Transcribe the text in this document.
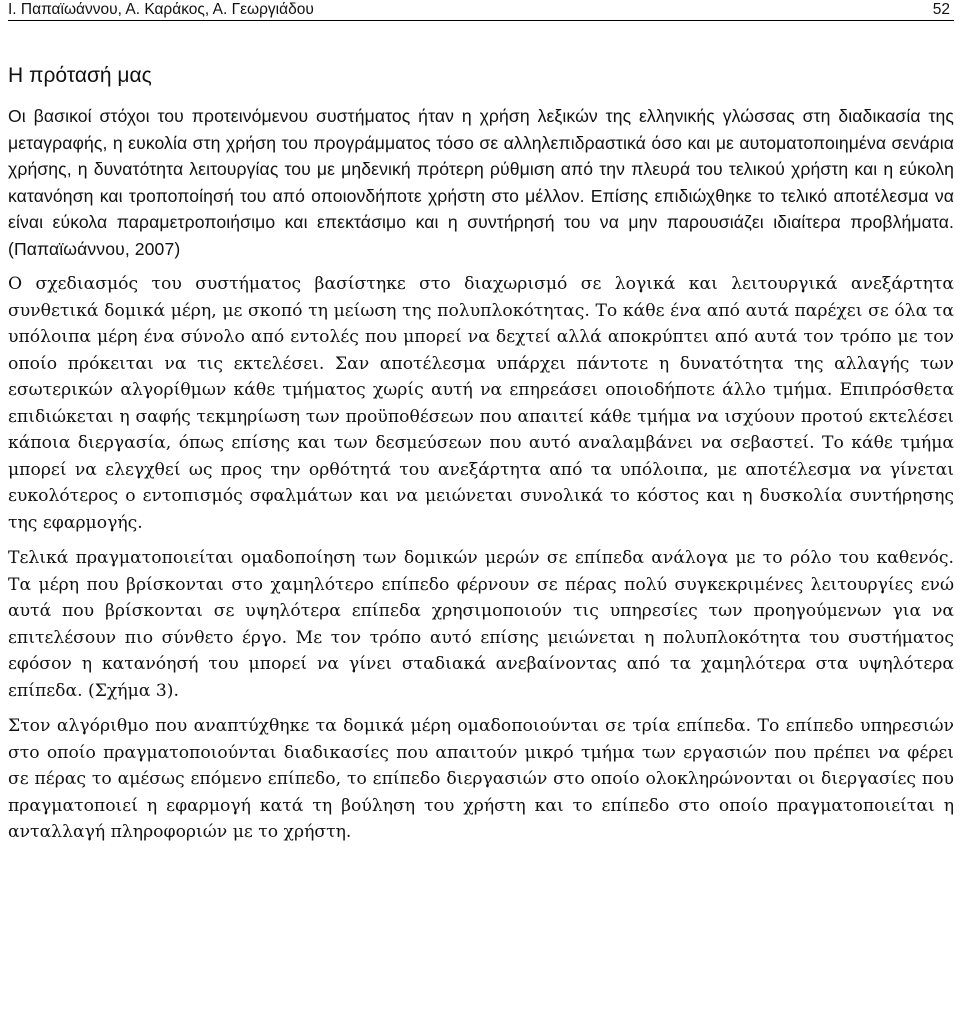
Ι. Παπαϊωάννου, Α. Καράκος, Α. Γεωργιάδου	52
Η πρότασή μας

Οι βασικοί στόχοι του προτεινόμενου συστήματος ήταν η χρήση λεξικών της ελληνικής γλώσσας στη διαδικασία της μεταγραφής, η ευκολία στη χρήση του προγράμματος τόσο σε αλληλεπιδραστικά όσο και με αυτοματοποιημένα σενάρια χρήσης, η δυνατότητα λειτουργίας του με μηδενική πρότερη ρύθμιση από την πλευρά του τελικού χρήστη και η εύκολη κατανόηση και τροποποίησή του από οποιονδήποτε χρήστη στο μέλλον. Επίσης επιδιώχθηκε το τελικό αποτέλεσμα να είναι εύκολα παραμετροποιήσιμο και επεκτάσιμο και η συντήρησή του να μην παρουσιάζει ιδιαίτερα προβλήματα. (Παπαϊωάννου, 2007)

Ο σχεδιασμός του συστήματος βασίστηκε στο διαχωρισμό σε λογικά και λειτουργικά ανεξάρτητα συνθετικά δομικά μέρη, με σκοπό τη μείωση της πολυπλοκότητας. Το κάθε ένα από αυτά παρέχει σε όλα τα υπόλοιπα μέρη ένα σύνολο από εντολές που μπορεί να δεχτεί αλλά αποκρύπτει από αυτά τον τρόπο με τον οποίο πρόκειται να τις εκτελέσει. Σαν αποτέλεσμα υπάρχει πάντοτε η δυνατότητα της αλλαγής των εσωτερικών αλγορίθμων κάθε τμήματος χωρίς αυτή να επηρεάσει οποιοδήποτε άλλο τμήμα. Επιπρόσθετα επιδιώκεται η σαφής τεκμηρίωση των προϋποθέσεων που απαιτεί κάθε τμήμα να ισχύουν προτού εκτελέσει κάποια διεργασία, όπως επίσης και των δεσμεύσεων που αυτό αναλαμβάνει να σεβαστεί. Το κάθε τμήμα μπορεί να ελεγχθεί ως προς την ορθότητά του ανεξάρτητα από τα υπόλοιπα, με αποτέλεσμα να γίνεται ευκολότερος ο εντοπισμός σφαλμάτων και να μειώνεται συνολικά το κόστος και η δυσκολία συντήρησης της εφαρμογής.

Τελικά πραγματοποιείται ομαδοποίηση των δομικών μερών σε επίπεδα ανάλογα με το ρόλο του καθενός. Τα μέρη που βρίσκονται στο χαμηλότερο επίπεδο φέρνουν σε πέρας πολύ συγκεκριμένες λειτουργίες ενώ αυτά που βρίσκονται σε υψηλότερα επίπεδα χρησιμοποιούν τις υπηρεσίες των προηγούμενων για να επιτελέσουν πιο σύνθετο έργο. Με τον τρόπο αυτό επίσης μειώνεται η πολυπλοκότητα του συστήματος εφόσον η κατανόησή του μπορεί να γίνει σταδιακά ανεβαίνοντας από τα χαμηλότερα στα υψηλότερα επίπεδα. (Σχήμα 3).

Στον αλγόριθμο που αναπτύχθηκε τα δομικά μέρη ομαδοποιούνται σε τρία επίπεδα. Το επίπεδο υπηρεσιών στο οποίο πραγματοποιούνται διαδικασίες που απαιτούν μικρό τμήμα των εργασιών που πρέπει να φέρει σε πέρας το αμέσως επόμενο επίπεδο, το επίπεδο διεργασιών στο οποίο ολοκληρώνονται οι διεργασίες που πραγματοποιεί η εφαρμογή κατά τη βούληση του χρήστη και το επίπεδο στο οποίο πραγματοποιείται η ανταλλαγή πληροφοριών με το χρήστη.
